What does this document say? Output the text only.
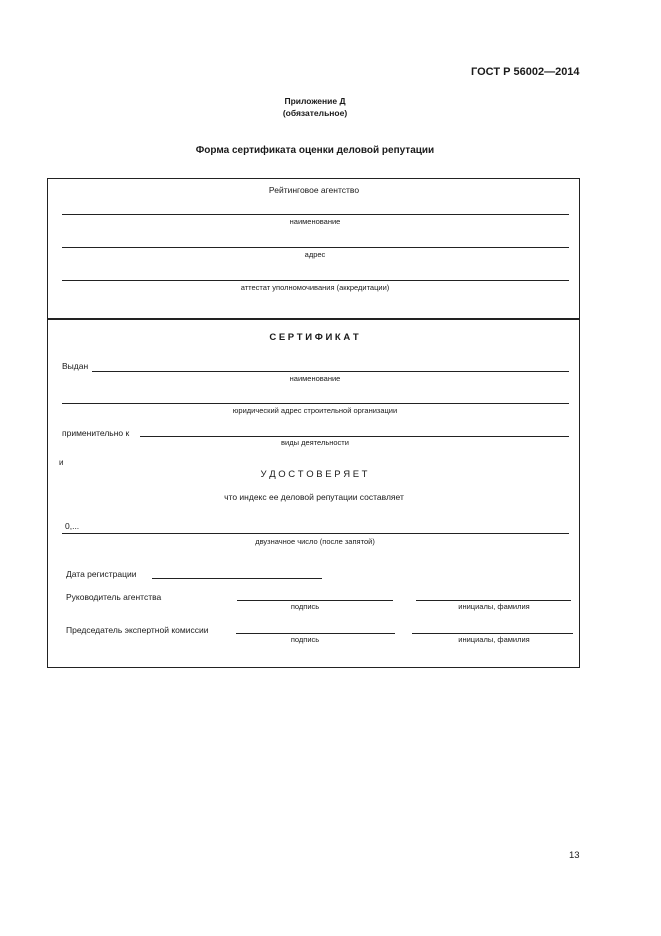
ГОСТ Р 56002—2014
Приложение Д
(обязательное)
Форма сертификата оценки деловой репутации
Рейтинговое агентство
наименование
адрес
аттестат уполномочивания (аккредитации)
С Е Р Т И Ф И К А Т
Выдан
наименование
юридический адрес строительной организации
применительно к
виды деятельности
и
У Д О С Т О В Е Р Я Е Т
что индекс ее деловой репутации составляет
0,...
двузначное число (после запятой)
Дата регистрации
Руководитель агентства
подпись	инициалы, фамилия
Председатель экспертной комиссии
подпись	инициалы, фамилия
13
